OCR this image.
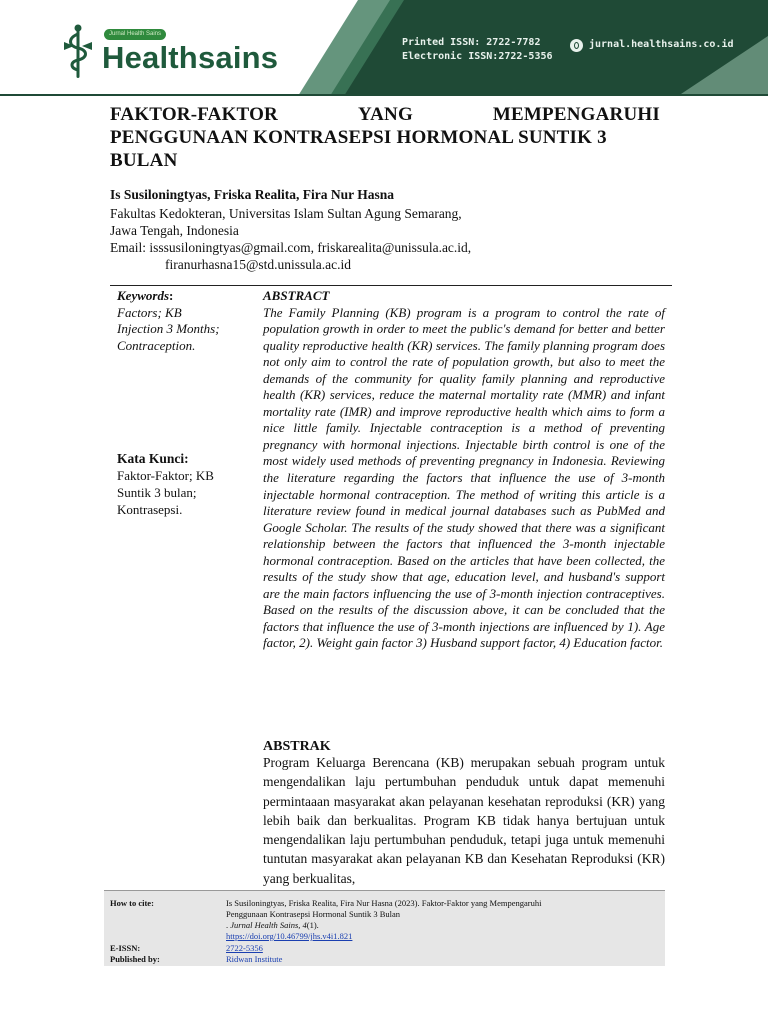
Jurnal Health Sains
Healthsains	Printed ISSN: 2722-7782
Electronic ISSN:2722-5356
jurnal.healthsains.co.id
FAKTOR-FAKTOR	YANG	MEMPENGARUHI
PENGGUNAAN KONTRASEPSI HORMONAL SUNTIK 3
BULAN
Is Susiloningtyas, Friska Realita, Fira Nur Hasna
Fakultas Kedokteran, Universitas Islam Sultan Agung Semarang,
Jawa Tengah, Indonesia
Email: isssusiloningtyas@gmail.com, friskarealita@unissula.ac.id,
firanurhasna15@std.unissula.ac.id
Keywords:
Factors; KB
Injection 3 Months;
Contraception.
Kata Kunci:
Faktor-Faktor; KB
Suntik 3 bulan;
Kontrasepsi.
ABSTRACT
The Family Planning (KB) program is a program to control the rate of population growth in order to meet the public's demand for better and better quality reproductive health (KR) services. The family planning program does not only aim to control the rate of population growth, but also to meet the demands of the community for quality family planning and reproductive health (KR) services, reduce the maternal mortality rate (MMR) and infant mortality rate (IMR) and improve reproductive health which aims to form a nice little family. Injectable contraception is a method of preventing pregnancy with hormonal injections. Injectable birth control is one of the most widely used methods of preventing pregnancy in Indonesia. Reviewing the literature regarding the factors that influence the use of 3-month injectable hormonal contraception. The method of writing this article is a literature review found in medical journal databases such as PubMed and Google Scholar. The results of the study showed that there was a significant relationship between the factors that influenced the 3-month injectable hormonal contraception. Based on the articles that have been collected, the results of the study show that age, education level, and husband's support are the main factors influencing the use of 3-month injection contraceptives. Based on the results of the discussion above, it can be concluded that the factors that influence the use of 3-month injections are influenced by 1). Age factor, 2). Weight gain factor 3) Husband support factor, 4) Education factor.
ABSTRAK
Program Keluarga Berencana (KB) merupakan sebuah program untuk mengendalikan laju pertumbuhan penduduk untuk dapat memenuhi permintaaan masyarakat akan pelayanan kesehatan reproduksi (KR) yang lebih baik dan berkualitas. Program KB tidak hanya bertujuan untuk mengendalikan laju pertumbuhan penduduk, tetapi juga untuk memenuhi tuntutan masyarakat akan pelayanan KB dan Kesehatan Reproduksi (KR) yang berkualitas,
How to cite:	Is Susiloningtyas, Friska Realita, Fira Nur Hasna (2023). Faktor-Faktor yang Mempengaruhi
Penggunaan Kontrasepsi Hormonal Suntik 3 Bulan
. Jurnal Health Sains, 4(1).
https://doi.org/10.46799/jhs.v4i1.821
E-ISSN:	2722-5356
Published by:	Ridwan Institute
